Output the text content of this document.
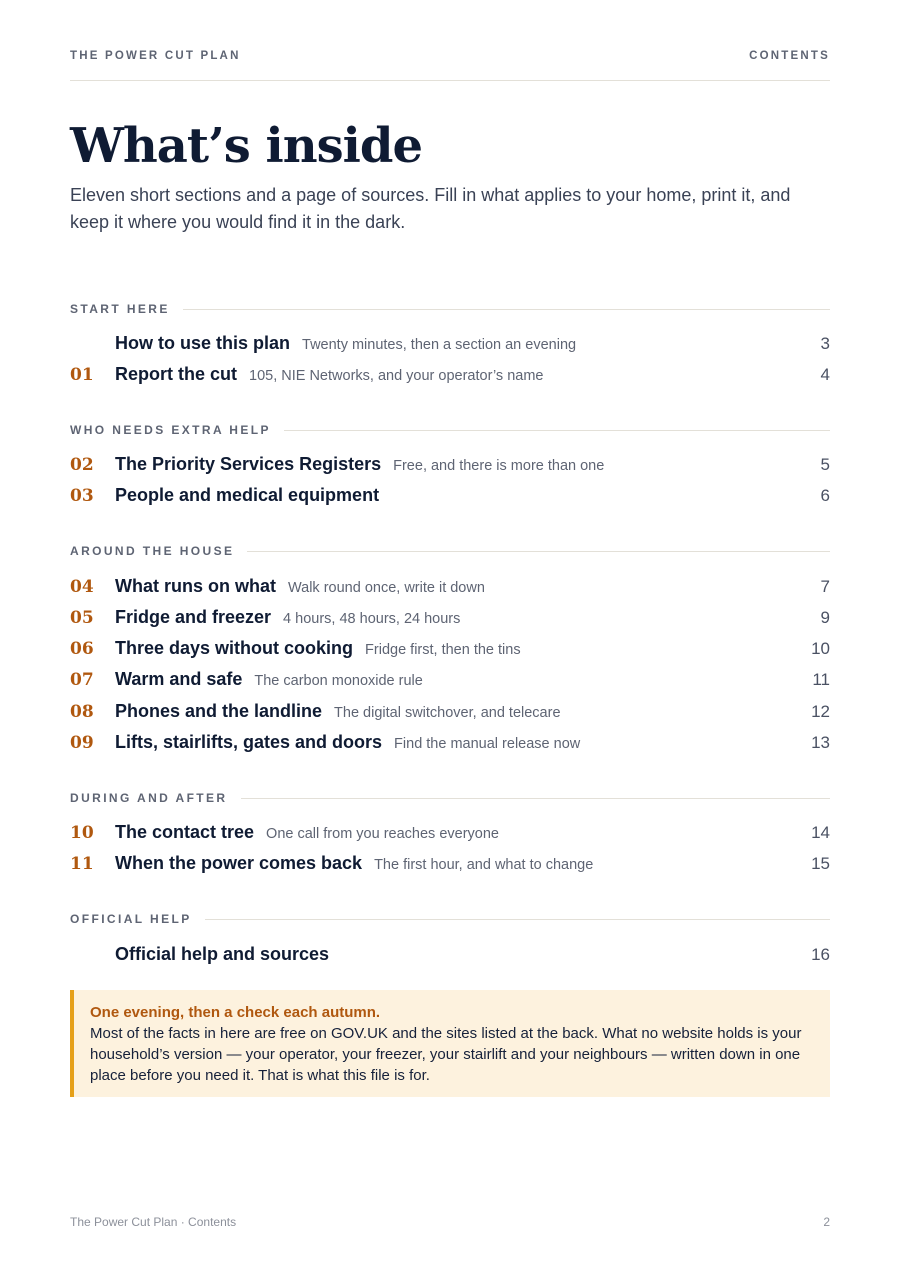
THE POWER CUT PLAN	CONTENTS
What’s inside

Eleven short sections and a page of sources. Fill in what applies to your home, print it, and keep it where you would find it in the dark.

START HERE
How to use this plan Twenty minutes, then a section an evening	3
01	Report the cut 105, NIE Networks, and your operator’s name	4
WHO NEEDS EXTRA HELP
02	The Priority Services Registers Free, and there is more than one	5
03	People and medical equipment	6
AROUND THE HOUSE
04	What runs on what Walk round once, write it down	7
05	Fridge and freezer 4 hours, 48 hours, 24 hours	9
06	Three days without cooking Fridge first, then the tins	10
07	Warm and safe The carbon monoxide rule	11
08	Phones and the landline The digital switchover, and telecare	12
09	Lifts, stairlifts, gates and doors Find the manual release now	13
DURING AND AFTER
10	The contact tree One call from you reaches everyone	14
11	When the power comes back The first hour, and what to change	15
OFFICIAL HELP
Official help and sources	16
One evening, then a check each autumn.

Most of the facts in here are free on GOV.UK and the sites listed at the back. What no website holds is your household’s version — your operator, your freezer, your stairlift and your neighbours — written down in one place before you need it. That is what this file is for.

The Power Cut Plan · Contents	2
